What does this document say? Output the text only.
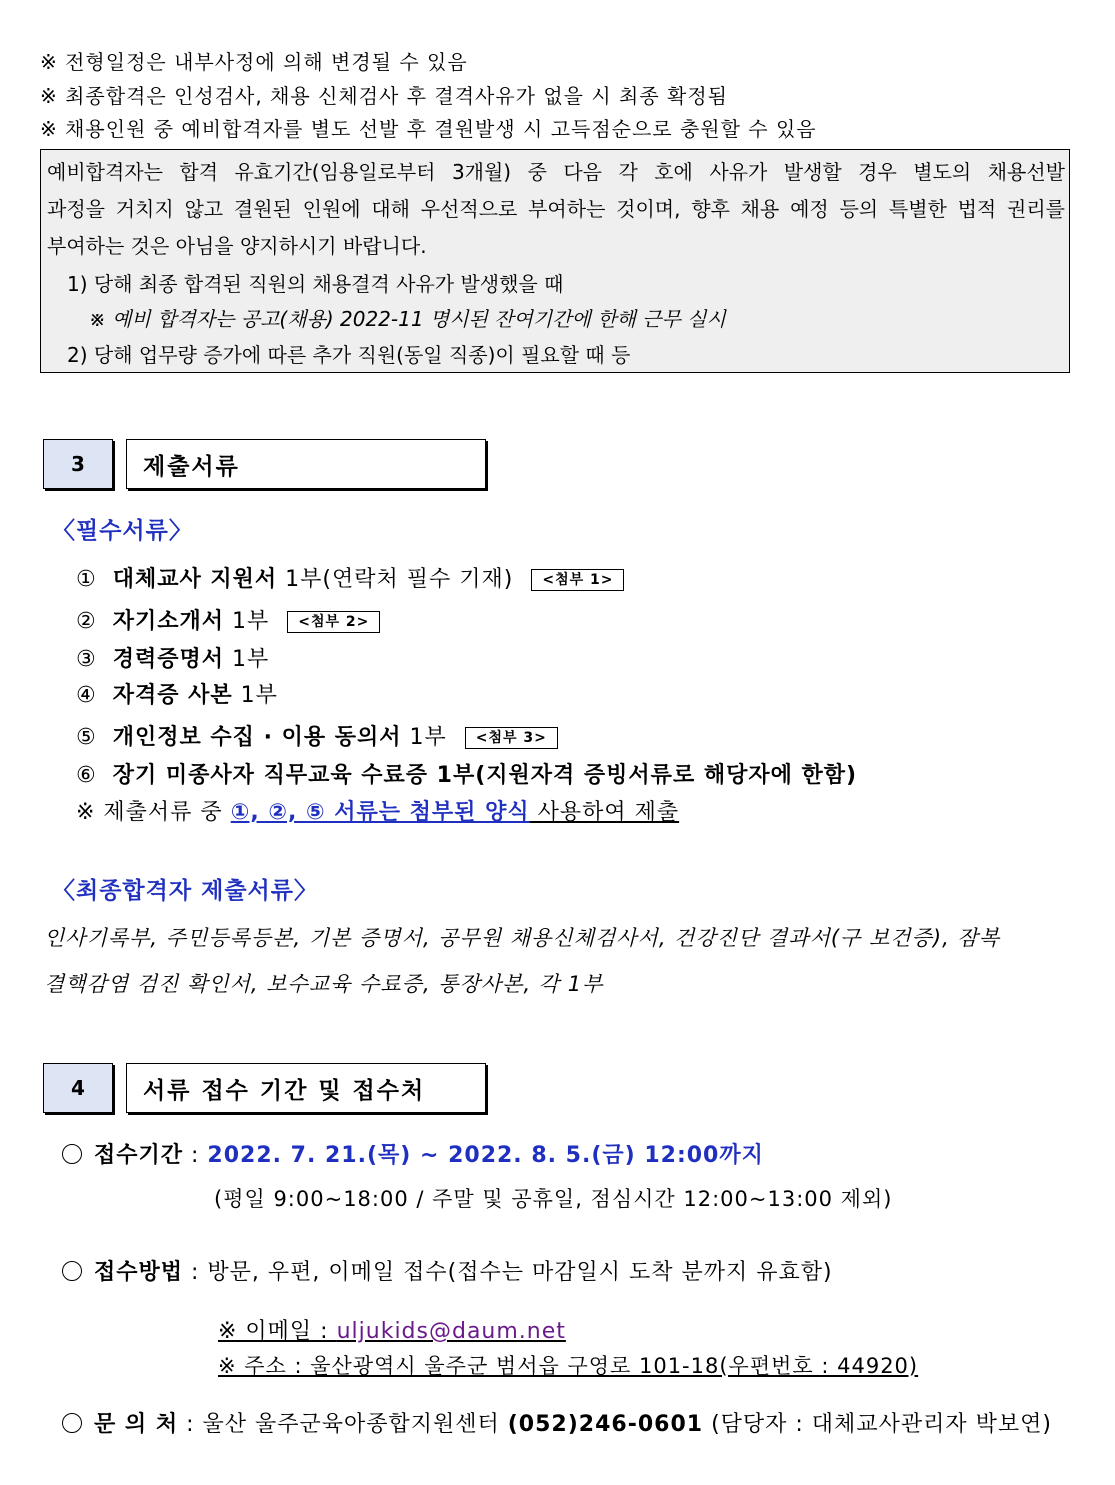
※ 전형일정은 내부사정에 의해 변경될 수 있음
※ 최종합격은 인성검사, 채용 신체검사 후 결격사유가 없을 시 최종 확정됨
※ 채용인원 중 예비합격자를 별도 선발 후 결원발생 시 고득점순으로 충원할 수 있음
예비합격자는 합격 유효기간(임용일로부터 3개월) 중 다음 각 호에 사유가 발생할 경우 별도의 채용선발
과정을 거치지 않고 결원된 인원에 대해 우선적으로 부여하는 것이며, 향후 채용 예정 등의 특별한 법적 권리를
부여하는 것은 아님을 양지하시기 바랍니다.
1) 당해 최종 합격된 직원의 채용결격 사유가 발생했을 때
※ 예비 합격자는 공고(채용) 2022-11 명시된 잔여기간에 한해 근무 실시
2) 당해 업무량 증가에 따른 추가 직원(동일 직종)이 필요할 때 등
3	제출서류
〈필수서류〉
① 대체교사 지원서 1부(연락처 필수 기재) <첨부 1>
② 자기소개서 1부 <첨부 2>
③ 경력증명서 1부
④ 자격증 사본 1부
⑤ 개인정보 수집 · 이용 동의서 1부 <첨부 3>
⑥ 장기 미종사자 직무교육 수료증 1부(지원자격 증빙서류로 해당자에 한함)
※ 제출서류 중 ①, ②, ⑤ 서류는 첨부된 양식 사용하여 제출
〈최종합격자 제출서류〉
인사기록부, 주민등록등본, 기본 증명서, 공무원 채용신체검사서, 건강진단 결과서(구 보건증), 잠복
결핵감염 검진 확인서, 보수교육 수료증, 통장사본, 각 1부
4	서류 접수 기간 및 접수처
접수기간 : 2022. 7. 21.(목) ~ 2022. 8. 5.(금) 12:00까지
(평일 9:00~18:00 / 주말 및 공휴일, 점심시간 12:00~13:00 제외)
접수방법 : 방문, 우편, 이메일 접수(접수는 마감일시 도착 분까지 유효함)
※ 이메일 : uljukids@daum.net
※ 주소 : 울산광역시 울주군 범서읍 구영로 101-18(우편번호 : 44920)
문 의 처 : 울산 울주군육아종합지원센터 (052)246-0601 (담당자 : 대체교사관리자 박보연)
